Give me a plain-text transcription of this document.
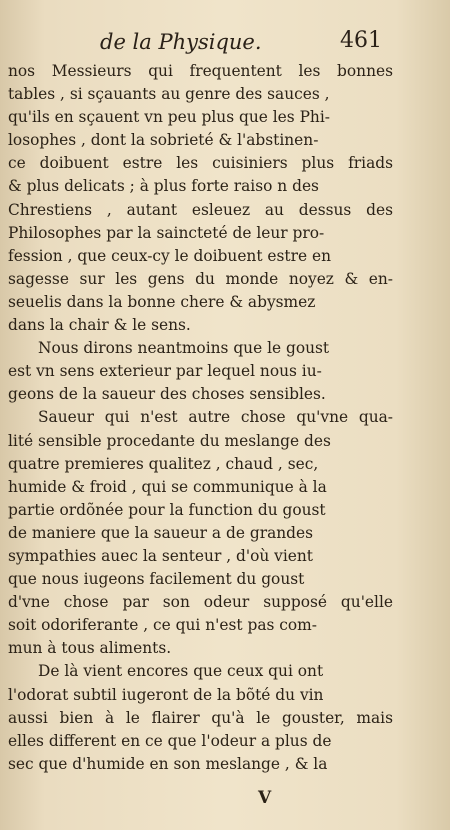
de la Physique.	461
nos Messieurs qui frequentent les bonnes
tables , si sçauants au genre des sauces ,
qu'ils en sçauent vn peu plus que les Phi-
losophes , dont la sobrieté & l'abstinen-
ce doibuent estre les cuisiniers plus friads
& plus delicats ; à plus forte raiso n des
Chrestiens , autant esleuez au dessus des
Philosophes par la saincteté de leur pro-
fession , que ceux-cy le doibuent estre en
sagesse sur les gens du monde noyez & en-
seuelis dans la bonne chere & abysmez
dans la chair & le sens.
Nous dirons neantmoins que le goust
est vn sens exterieur par lequel nous iu-
geons de la saueur des choses sensibles.
Saueur qui n'est autre chose qu'vne qua-
lité sensible procedante du meslange des
quatre premieres qualitez , chaud , sec,
humide & froid , qui se communique à la
partie ordõnée pour la function du goust
de maniere que la saueur a de grandes
sympathies auec la senteur , d'où vient
que nous iugeons facilement du goust
d'vne chose par son odeur supposé qu'elle
soit odoriferante , ce qui n'est pas com-
mun à tous aliments.
De là vient encores que ceux qui ont
l'odorat subtil iugeront de la bõté du vin
aussi bien à le flairer qu'à le gouster, mais
elles different en ce que l'odeur a plus de
sec que d'humide en son meslange , & la
V
